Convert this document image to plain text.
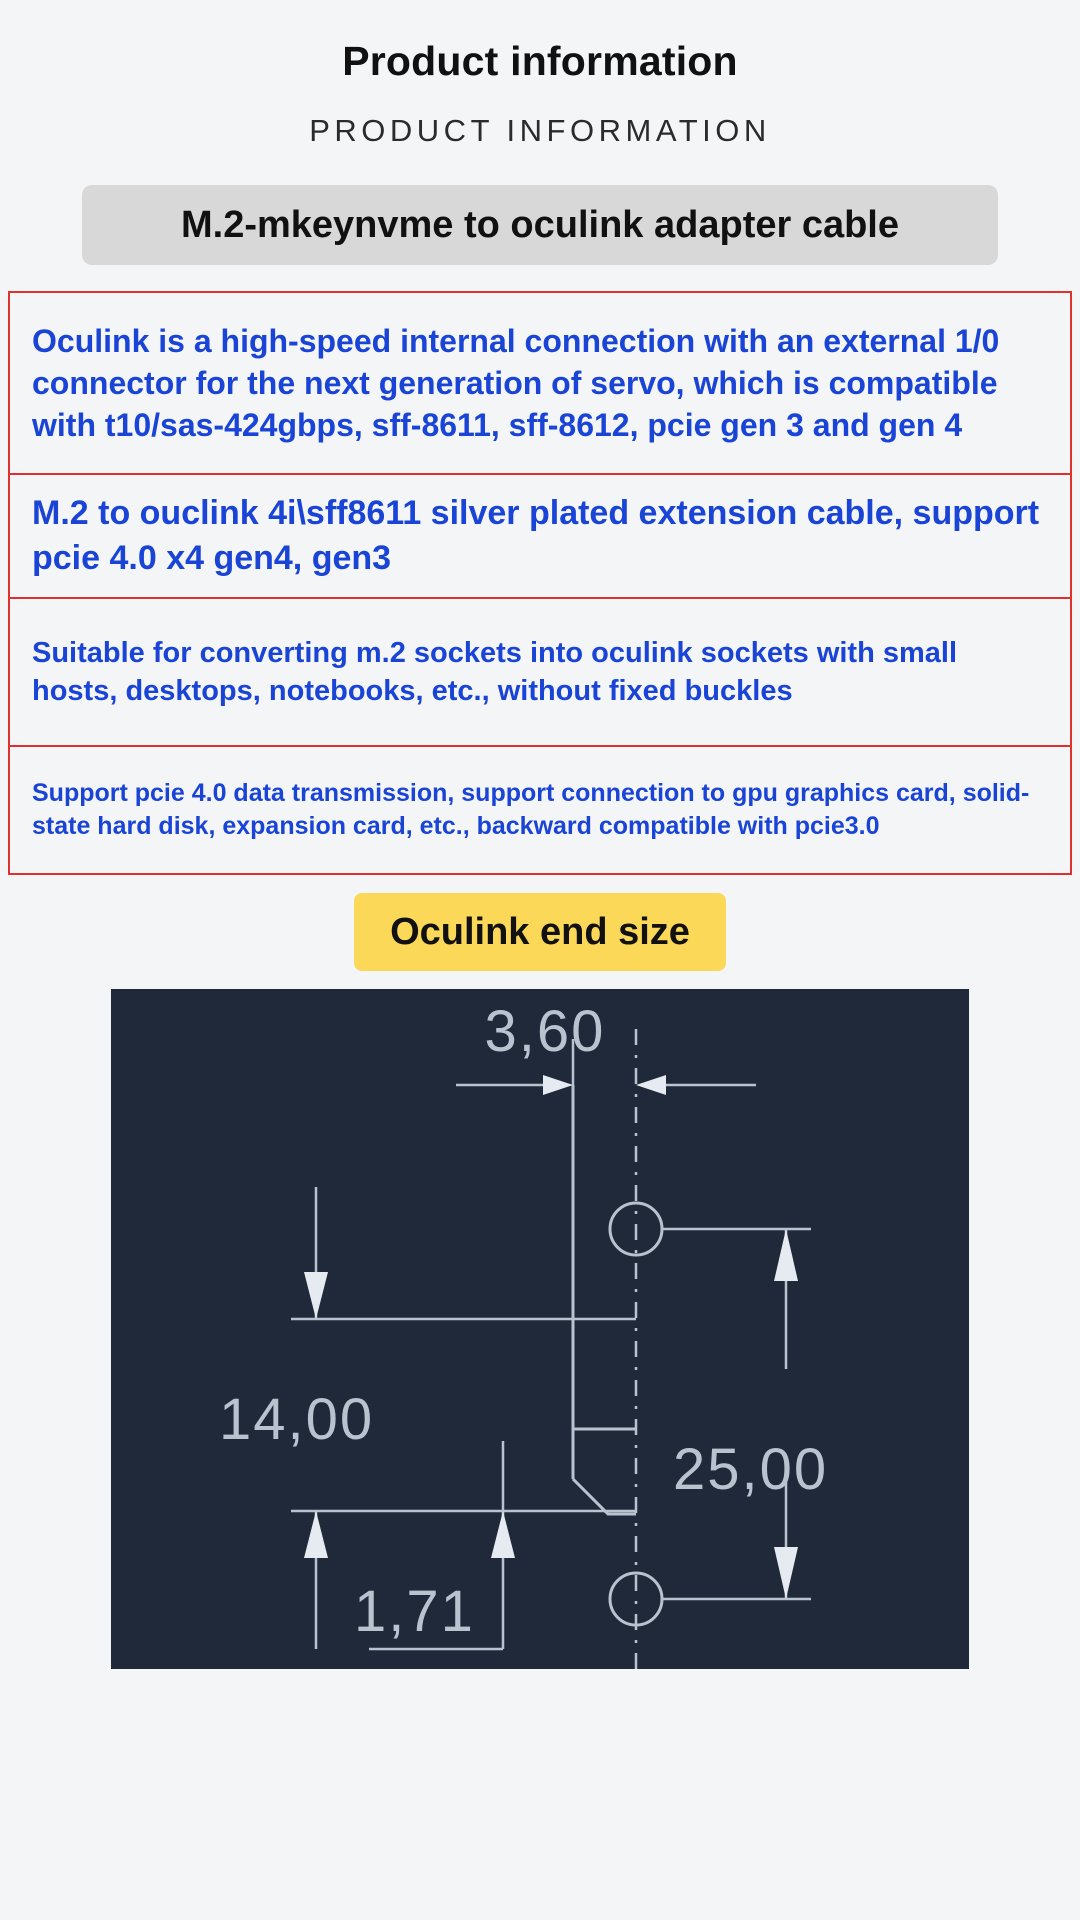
Product information
PRODUCT INFORMATION
M.2-mkeynvme to oculink adapter cable

Oculink is a high-speed internal connection with an external 1/0 connector for the next generation of servo, which is compatible with t10/sas-424gbps, sff-8611, sff-8612, pcie gen 3 and gen 4

M.2 to ouclink 4i\sff8611 silver plated extension cable, support pcie 4.0 x4 gen4, gen3

Suitable for converting m.2 sockets into oculink sockets with small hosts, desktops, notebooks, etc., without fixed buckles

Support pcie 4.0 data transmission, support connection to gpu graphics card, solid-state hard disk, expansion card, etc., backward compatible with pcie3.0

Oculink end size
3,60
14,00
1,71
25,00
